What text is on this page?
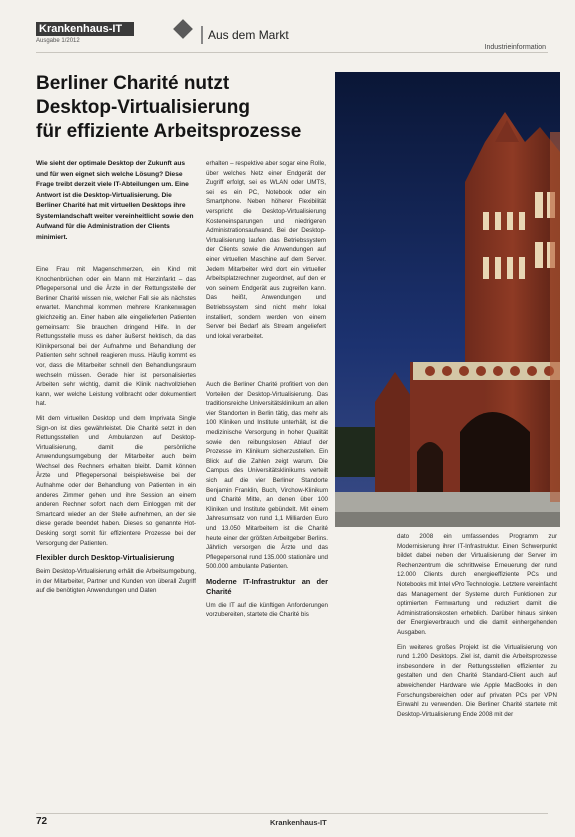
Krankenhaus-IT
Ausgabe 1/2012	Aus dem Markt
Industrieinformation
Berliner Charité nutzt
Desktop-Virtualisierung
für effiziente Arbeitsprozesse
Wie sieht der optimale Desktop der Zukunft aus und für wen eignet sich welche Lösung? Diese Frage treibt derzeit viele IT-Abteilungen um. Eine Antwort ist die Desktop-Virtualisierung. Die Berliner Charité hat mit virtuellen Desktops ihre Systemlandschaft weiter vereinheitlicht sowie den Aufwand für die Administration der Clients minimiert.

Eine Frau mit Magenschmerzen, ein Kind mit Knochenbrüchen oder ein Mann mit Herzinfarkt – das Pflegepersonal und die Ärzte in der Rettungsstelle der Berliner Charité wissen nie, welcher Fall sie als nächstes erwartet. Manchmal kommen mehrere Krankenwagen gleichzeitig an. Einer haben alle eingelieferten Patienten gemeinsam: Sie brauchen dringend Hilfe. In der Rettungsstelle muss es daher äußerst hektisch, da das Klinikpersonal bei der Aufnahme und Behandlung der Patienten sehr schnell reagieren muss. Häufig kommt es vor, dass die Mitarbeiter schnell den Behandlungsraum wechseln müssen. Gerade hier ist personalisiertes Arbeiten sehr wichtig, damit die Klinik nachvollziehen kann, wer welche Leistung vollbracht oder dokumentiert hat.

Mit dem virtuellen Desktop und dem Imprivata Single Sign-on ist dies gewährleistet. Die Charité setzt in den Rettungsstellen und Ambulanzen auf Desktop-Virtualisierung, damit die persönliche Anwendungsumgebung der Mitarbeiter auch beim Wechsel des Rechners erhalten bleibt. Damit können Ärzte und Pflegepersonal beispielsweise bei der Aufnahme oder der Behandlung von Patienten in ein anderes Zimmer gehen und ihre Session an einem anderen Rechner sofort nach dem Einloggen mit der Smartcard wieder an der Stelle aufnehmen, an der sie diese gerade beendet haben. Dieses so genannte Hot-Desking sorgt somit für effizientere Prozesse bei der Versorgung der Patienten.

Flexibler durch Desktop-Virtualisierung

Beim Desktop-Virtualisierung erhält die Arbeitsumgebung, in der Mitarbeiter, Partner und Kunden von überall Zugriff auf die benötigten Anwendungen und Daten

erhalten – respektive aber sogar eine Rolle, über welches Netz einer Endgerät der Zugriff erfolgt, sei es WLAN oder UMTS, sei es ein PC, Notebook oder ein Smartphone. Neben höherer Flexibilität verspricht die Desktop-Virtualisierung Kosteneinsparungen und niedrigeren Administrationsaufwand. Bei der Desktop-Virtualisierung laufen das Betriebssystem der Clients sowie die Anwendungen auf einer virtuellen Maschine auf dem Server. Jedem Mitarbeiter wird dort ein virtueller Arbeitsplatzrechner zugeordnet, auf den er von seinem Endgerät aus zugreifen kann. Das heißt, Anwendungen und Betriebssystem sind nicht mehr lokal installiert, sondern werden von einem Server bei Bedarf als Stream angeliefert und lokal verarbeitet.

Auch die Berliner Charité profitiert von den Vorteilen der Desktop-Virtualisierung. Das traditionsreiche Universitätsklinikum an allen vier Standorten in Berlin tätig, das mehr als 100 Kliniken und Institute unterhält, ist die medizinische Versorgung in hoher Qualität sowie den reibungslosen Ablauf der Prozesse im Klinikum sicherzustellen. Ein Blick auf die Zahlen zeigt warum. Die Campus des Universitätsklinikums verteilt sich auf die vier Berliner Standorte Benjamin Franklin, Buch, Virchow-Klinikum und Charité Mitte, an denen über 100 Kliniken und Institute gebündelt. Mit einem Jahresumsatz von rund 1,1 Milliarden Euro und 13.050 Mitarbeitern ist die Charité heute einer der größten Arbeitgeber Berlins. Jährlich versorgen die Ärzte und das Pflegepersonal rund 135.000 stationäre und 500.000 ambulante Patienten.

Moderne IT-Infrastruktur an der Charité

Um die IT auf die künftigen Anforderungen vorzubereiten, startete die Charité bis

dato 2008 ein umfassendes Programm zur Modernisierung ihrer IT-Infrastruktur. Einen Schwerpunkt bildet dabei neben der Virtualisierung der Server im Rechenzentrum die schrittweise Erneuerung der rund 12.000 Clients durch energieeffiziente PCs und Notebooks mit Intel vPro Technologie. Letztere vereinfacht das Management der Systeme durch Funktionen zur optimierten Fernwartung und reduziert damit die Administrationskosten erheblich. Darüber hinaus sinken der Energieverbrauch und die damit einhergehenden Ausgaben.

Ein weiteres großes Projekt ist die Virtualisierung von rund 1.200 Desktops. Ziel ist, damit die Arbeitsprozesse insbesondere in der Rettungsstellen effizienter zu gestalten und den Charité Standard-Client auch auf abweichender Hardware wie Apple MacBooks in den Forschungsbereichen oder auf privaten PCs per VPN Einwahl zu verwenden. Die Berliner Charité startete mit Desktop-Virtualisierung Ende 2008 mit der

72	Krankenhaus-IT
